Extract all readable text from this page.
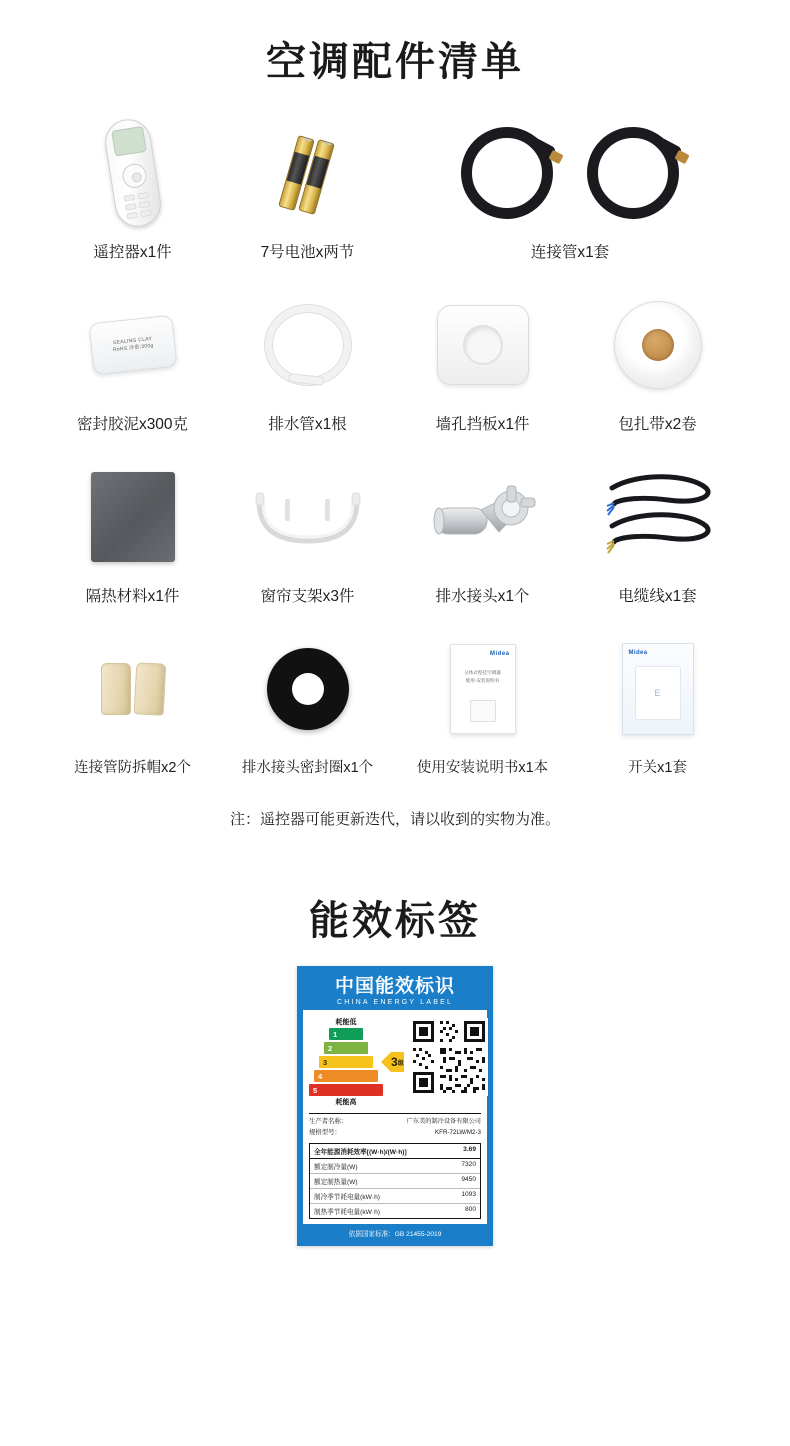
空调配件清单
遥控器x1件	7号电池x两节	连接管x1套
SEALING CLAY
RoHS 净重:300g
密封胶泥x300克	排水管x1根	墙孔挡板x1件	包扎带x2卷
隔热材料x1件	窗帘支架x3件	排水接头x1个	电缆线x1套
连接管防拆帽x2个	排水接头密封圈x1个
Midea
分体式壁挂空调器
使用·安装说明书
使用安装说明书x1本
Midea
E
开关x1套
注：遥控器可能更新迭代，请以收到的实物为准。
能效标签
中国能效标识
CHINA ENERGY LABEL
耗能低
1
2
3
4
5
耗能高
3 级
生产者名称：	广东美的制冷设备有限公司
规格型号：	KFR-72LW/M2-3
全年能源消耗效率[(W·h)/(W·h)]	3.69
额定制冷量(W)	7320
额定制热量(W)	9450
制冷季节耗电量(kW·h)	1093
制热季节耗电量(kW·h)	800
依据国家标准：GB 21455-2019
